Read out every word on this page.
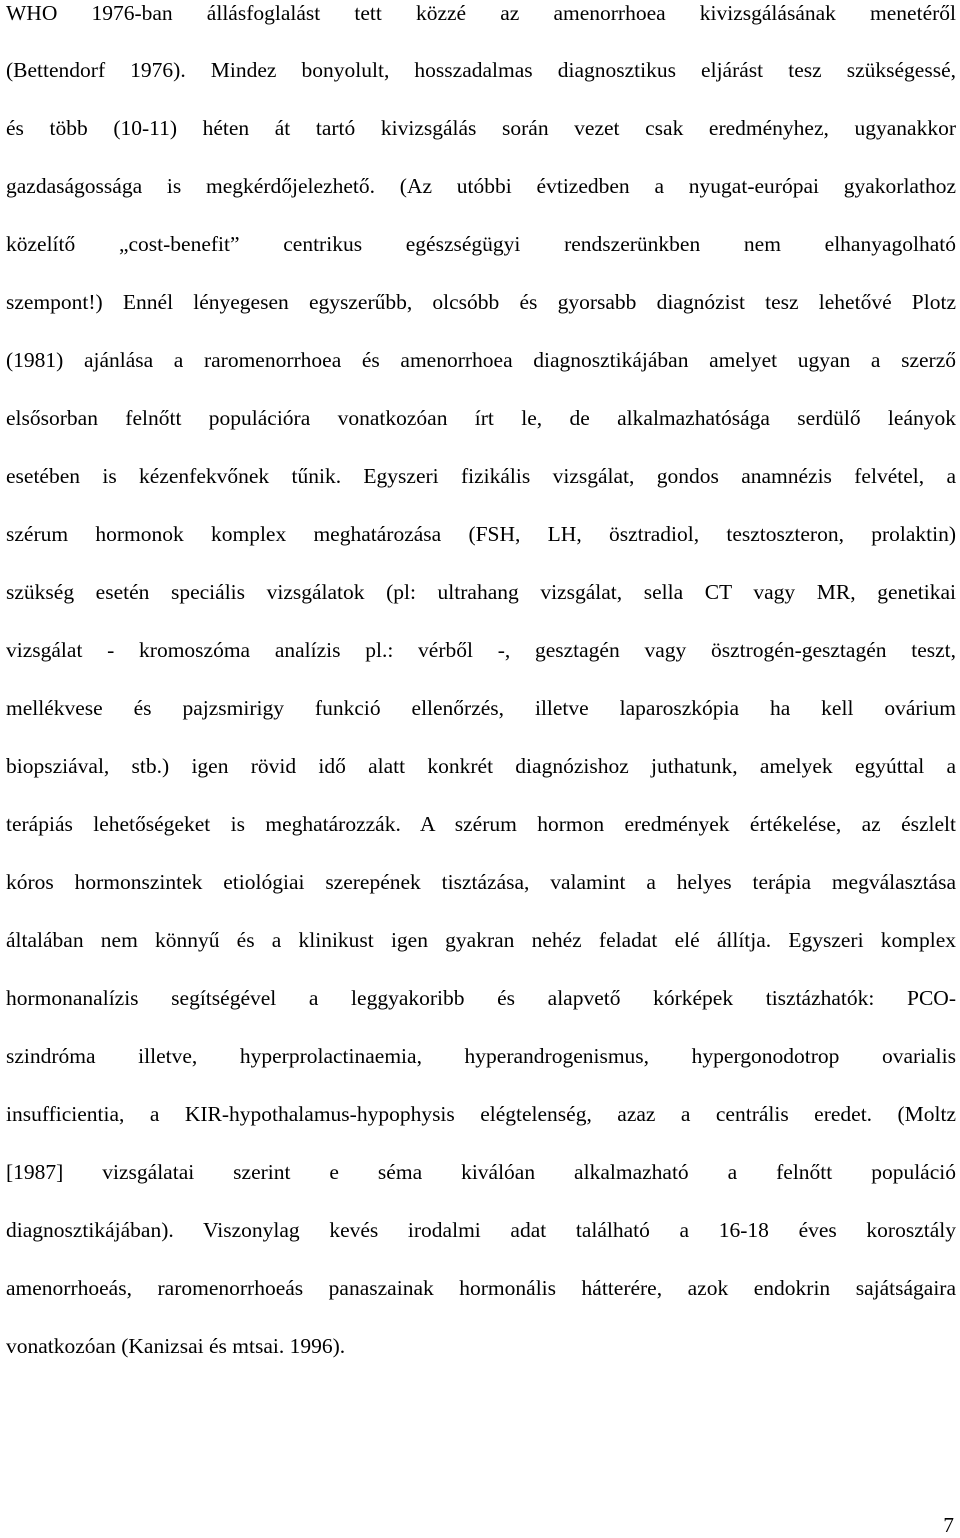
WHO 1976-ban állásfoglalást tett közzé az amenorrhoea kivizsgálásának menetéről
(Bettendorf 1976). Mindez bonyolult, hosszadalmas diagnosztikus eljárást tesz szükségessé,
és több (10-11) héten át tartó kivizsgálás során vezet csak eredményhez, ugyanakkor
gazdaságossága is megkérdőjelezhető. (Az utóbbi évtizedben a nyugat-európai gyakorlathoz
közelítő „cost-benefit” centrikus egészségügyi rendszerünkben nem elhanyagolható
szempont!) Ennél lényegesen egyszerűbb, olcsóbb és gyorsabb diagnózist tesz lehetővé Plotz
(1981) ajánlása a raromenorrhoea és amenorrhoea diagnosztikájában amelyet ugyan a szerző
elsősorban felnőtt populációra vonatkozóan írt le, de alkalmazhatósága serdülő leányok
esetében is kézenfekvőnek tűnik. Egyszeri fizikális vizsgálat, gondos anamnézis felvétel, a
szérum hormonok komplex meghatározása (FSH, LH, ösztradiol, tesztoszteron, prolaktin)
szükség esetén speciális vizsgálatok (pl: ultrahang vizsgálat, sella CT vagy MR, genetikai
vizsgálat - kromoszóma analízis pl.: vérből -, gesztagén vagy ösztrogén-gesztagén teszt,
mellékvese és pajzsmirigy funkció ellenőrzés, illetve laparoszkópia ha kell ovárium
biopsziával, stb.) igen rövid idő alatt konkrét diagnózishoz juthatunk, amelyek egyúttal a
terápiás lehetőségeket is meghatározzák. A szérum hormon eredmények értékelése, az észlelt
kóros hormonszintek etiológiai szerepének tisztázása, valamint a helyes terápia megválasztása
általában nem könnyű és a klinikust igen gyakran nehéz feladat elé állítja. Egyszeri komplex
hormonanalízis segítségével a leggyakoribb és alapvető kórképek tisztázhatók: PCO-
szindróma illetve, hyperprolactinaemia, hyperandrogenismus, hypergonodotrop ovarialis
insufficientia, a KIR-hypothalamus-hypophysis elégtelenség, azaz a centrális eredet. (Moltz
[1987] vizsgálatai szerint e séma kiválóan alkalmazható a felnőtt populáció
diagnosztikájában). Viszonylag kevés irodalmi adat található a 16-18 éves korosztály
amenorrhoeás, raromenorrhoeás panaszainak hormonális hátterére, azok endokrin sajátságaira
vonatkozóan (Kanizsai és mtsai. 1996).
7
